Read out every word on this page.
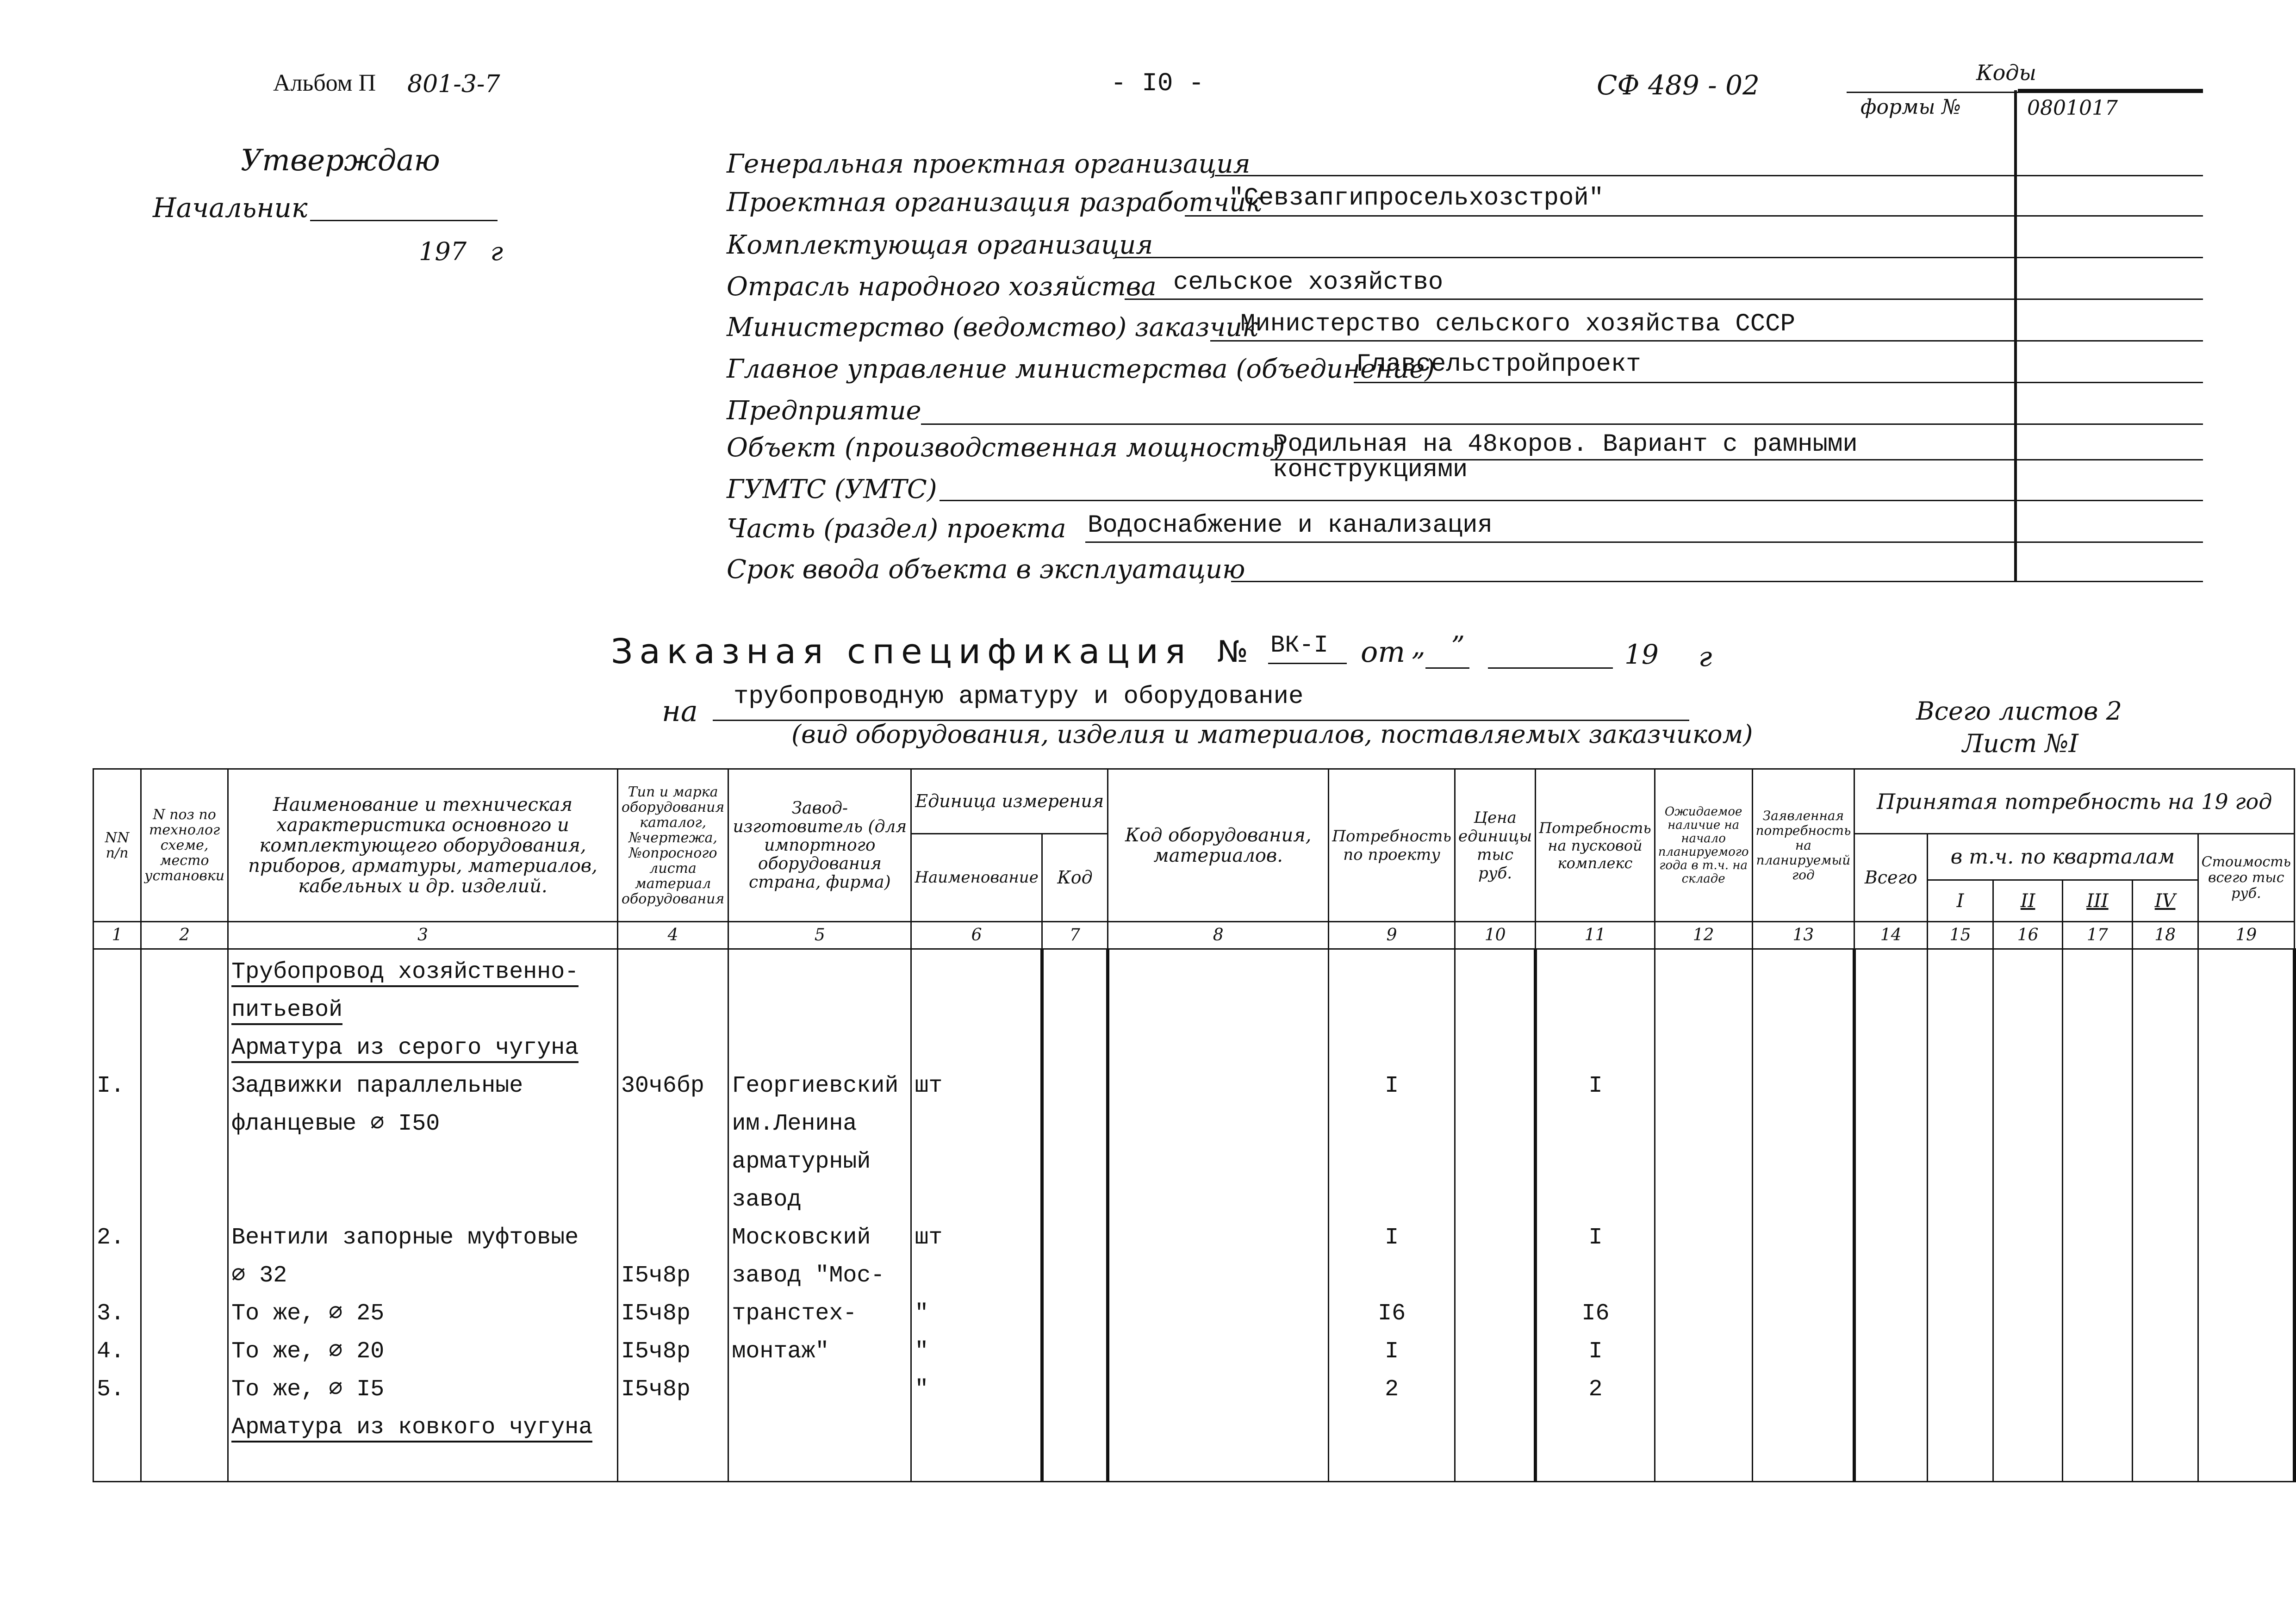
Альбом П 801-3-7	- I0 -	СФ 489 - 02	Коды
формы №	0801017
Утверждаю
Начальник
197   г
Генеральная проектная организация
Проектная организация разработчик
"Севзапгипросельхозстрой"
Комплектующая организация
Отрасль народного хозяйства сельское хозяйство
Министерство (ведомство) заказчик
Министерство сельского хозяйства СССР
Главное управление министерства (объединение)
Главсельстройпроект
Предприятие
Объект (производственная мощность)
Родильная на 48коров. Вариант с рамными
конструкциями
ГУМТС (УМТС)
Часть (раздел) проекта Водоснабжение и канализация
Срок ввода объекта в эксплуатацию
Заказная спецификация № ВК-I от „   ”	19 г
на трубопроводную арматуру и оборудование
(вид оборудования, изделия и материалов, поставляемых заказчиком)
Всего листов 2
Лист №I
NN п/п	N поз по технолог схеме, место установки	Наименование и техническая характеристика основного и комплектующего оборудования, приборов, арматуры, материалов, кабельных и др. изделий.	Тип и марка оборудования каталог, №чертежа, №опросного листа материал оборудования	Завод-изготовитель (для импортного оборудования страна, фирма)	Единица измерения		Код оборудования, материалов.	Потребность по проекту	Цена единицы тыс руб.	Потребность на пусковой комплекс	Ожидаемое наличие на начало планируемого года в т.ч. на складе	Заявленная потребность на планируемый год	Принятая потребность на 19 год					
					Наименование	Код							Всего	в т.ч. по кварталам				Стоимость всего тыс руб.
														I	II	III	IV	
1	2	3	4	5	6	7	8	9	10	11	12	13	14	15	16	17	18	19
		Трубопровод хозяйственно-																
		питьевой																
		Арматура из серого чугуна																
I.		Задвижки параллельные	30ч6бр	Георгиевский	шт			I		I								
		фланцевые ∅ I50		им.Ленина														
				арматурный														
				завод														
2.		Вентили запорные муфтовые		Московский	шт			I		I								
		∅ 32	I5ч8р	завод "Мос-														
3.		То же, ∅ 25	I5ч8р	транстех-	"			I6		I6								
4.		То же, ∅ 20	I5ч8р	монтаж"	"			I		I								
5.		То же, ∅ I5	I5ч8р		"			2		2								
		Арматура из ковкого чугуна																
